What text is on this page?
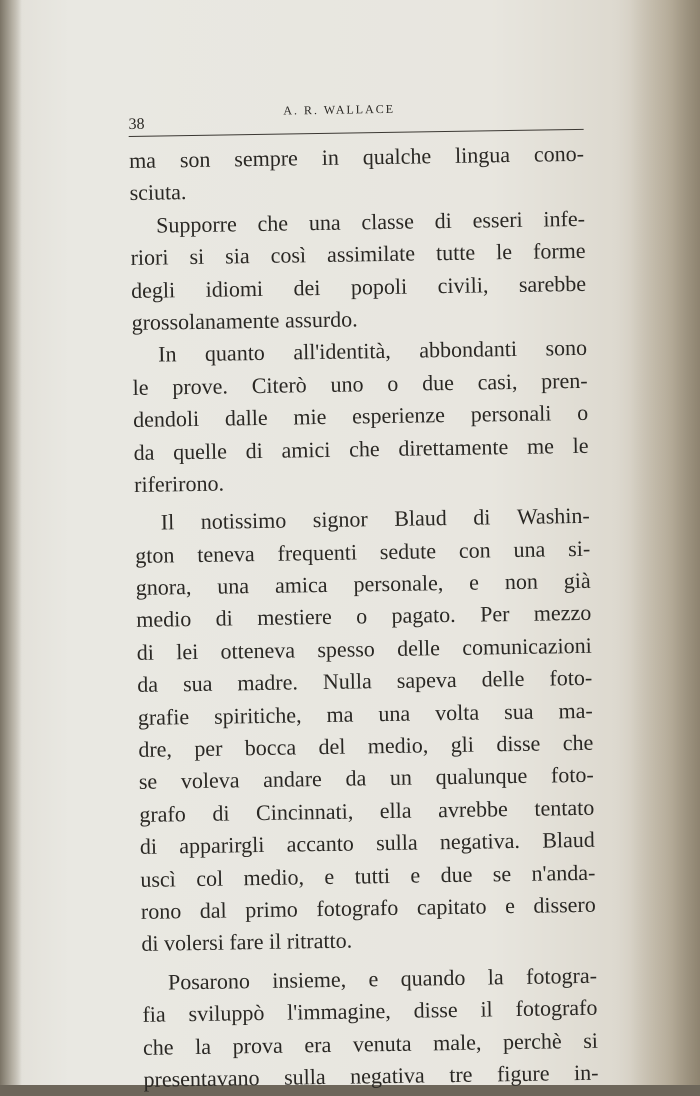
38
A. R. WALLACE
ma son sempre in qualche lingua cono-
sciuta.
Supporre che una classe di esseri infe-
riori si sia così assimilate tutte le forme
degli idiomi dei popoli civili, sarebbe
grossolanamente assurdo.
In quanto all'identità, abbondanti sono
le prove. Citerò uno o due casi, pren-
dendoli dalle mie esperienze personali o
da quelle di amici che direttamente me le
riferirono.
Il notissimo signor Blaud di Washin-
gton teneva frequenti sedute con una si-
gnora, una amica personale, e non già
medio di mestiere o pagato. Per mezzo
di lei otteneva spesso delle comunicazioni
da sua madre. Nulla sapeva delle foto-
grafie spiritiche, ma una volta sua ma-
dre, per bocca del medio, gli disse che
se voleva andare da un qualunque foto-
grafo di Cincinnati, ella avrebbe tentato
di apparirgli accanto sulla negativa. Blaud
uscì col medio, e tutti e due se n'anda-
rono dal primo fotografo capitato e dissero
di volersi fare il ritratto.
Posarono insieme, e quando la fotogra-
fia sviluppò l'immagine, disse il fotografo
che la prova era venuta male, perchè si
presentavano sulla negativa tre figure in-
